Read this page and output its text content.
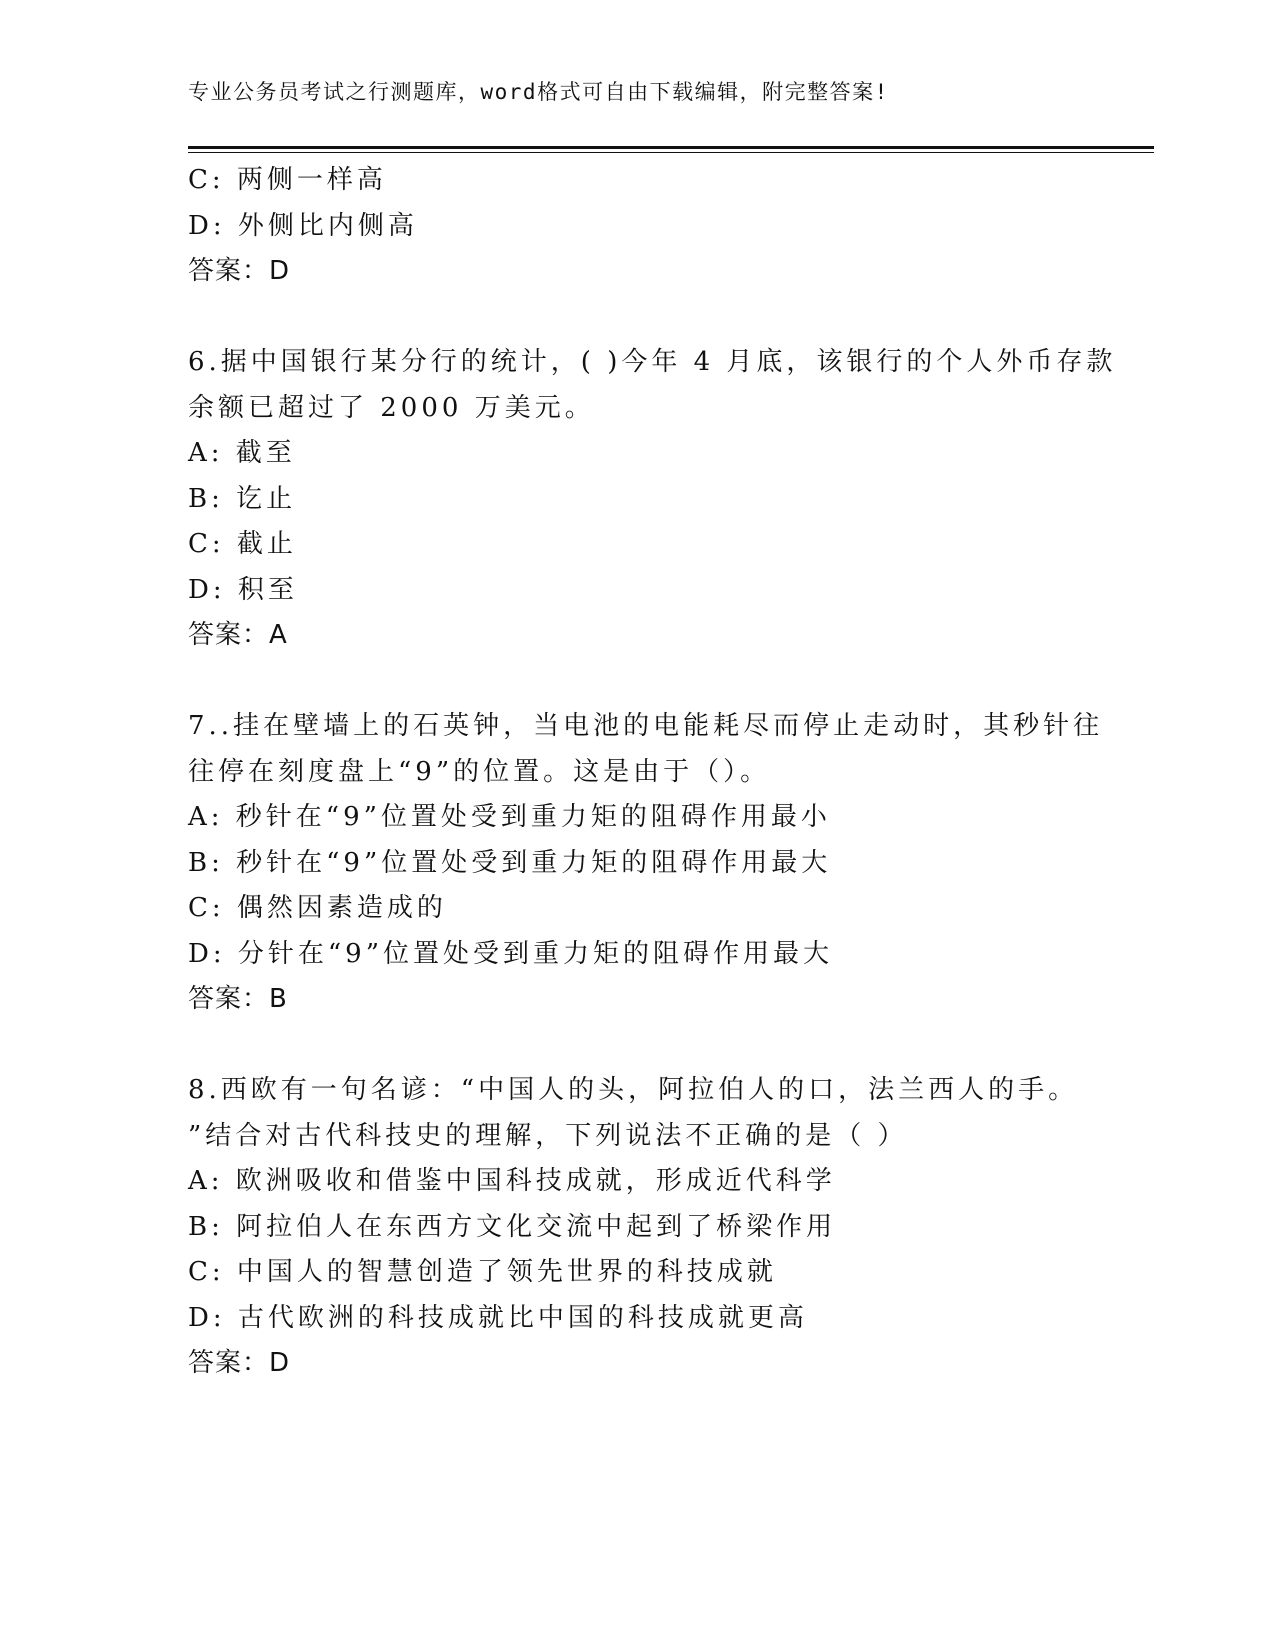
专业公务员考试之行测题库，word格式可自由下载编辑，附完整答案!
C: 两侧一样高
D: 外侧比内侧高
答案：D
6.据中国银行某分行的统计，( )今年 4 月底，该银行的个人外币存款
余额已超过了 2000 万美元。
A: 截至
B: 讫止
C: 截止
D: 积至
答案：A
7..挂在壁墙上的石英钟，当电池的电能耗尽而停止走动时，其秒针往
往停在刻度盘上“9”的位置。这是由于（）。
A: 秒针在“9”位置处受到重力矩的阻碍作用最小
B: 秒针在“9”位置处受到重力矩的阻碍作用最大
C: 偶然因素造成的
D: 分针在“9”位置处受到重力矩的阻碍作用最大
答案：B
8.西欧有一句名谚：“中国人的头，阿拉伯人的口，法兰西人的手。
”结合对古代科技史的理解，下列说法不正确的是（ ）
A: 欧洲吸收和借鉴中国科技成就，形成近代科学
B: 阿拉伯人在东西方文化交流中起到了桥梁作用
C: 中国人的智慧创造了领先世界的科技成就
D: 古代欧洲的科技成就比中国的科技成就更高
答案：D
